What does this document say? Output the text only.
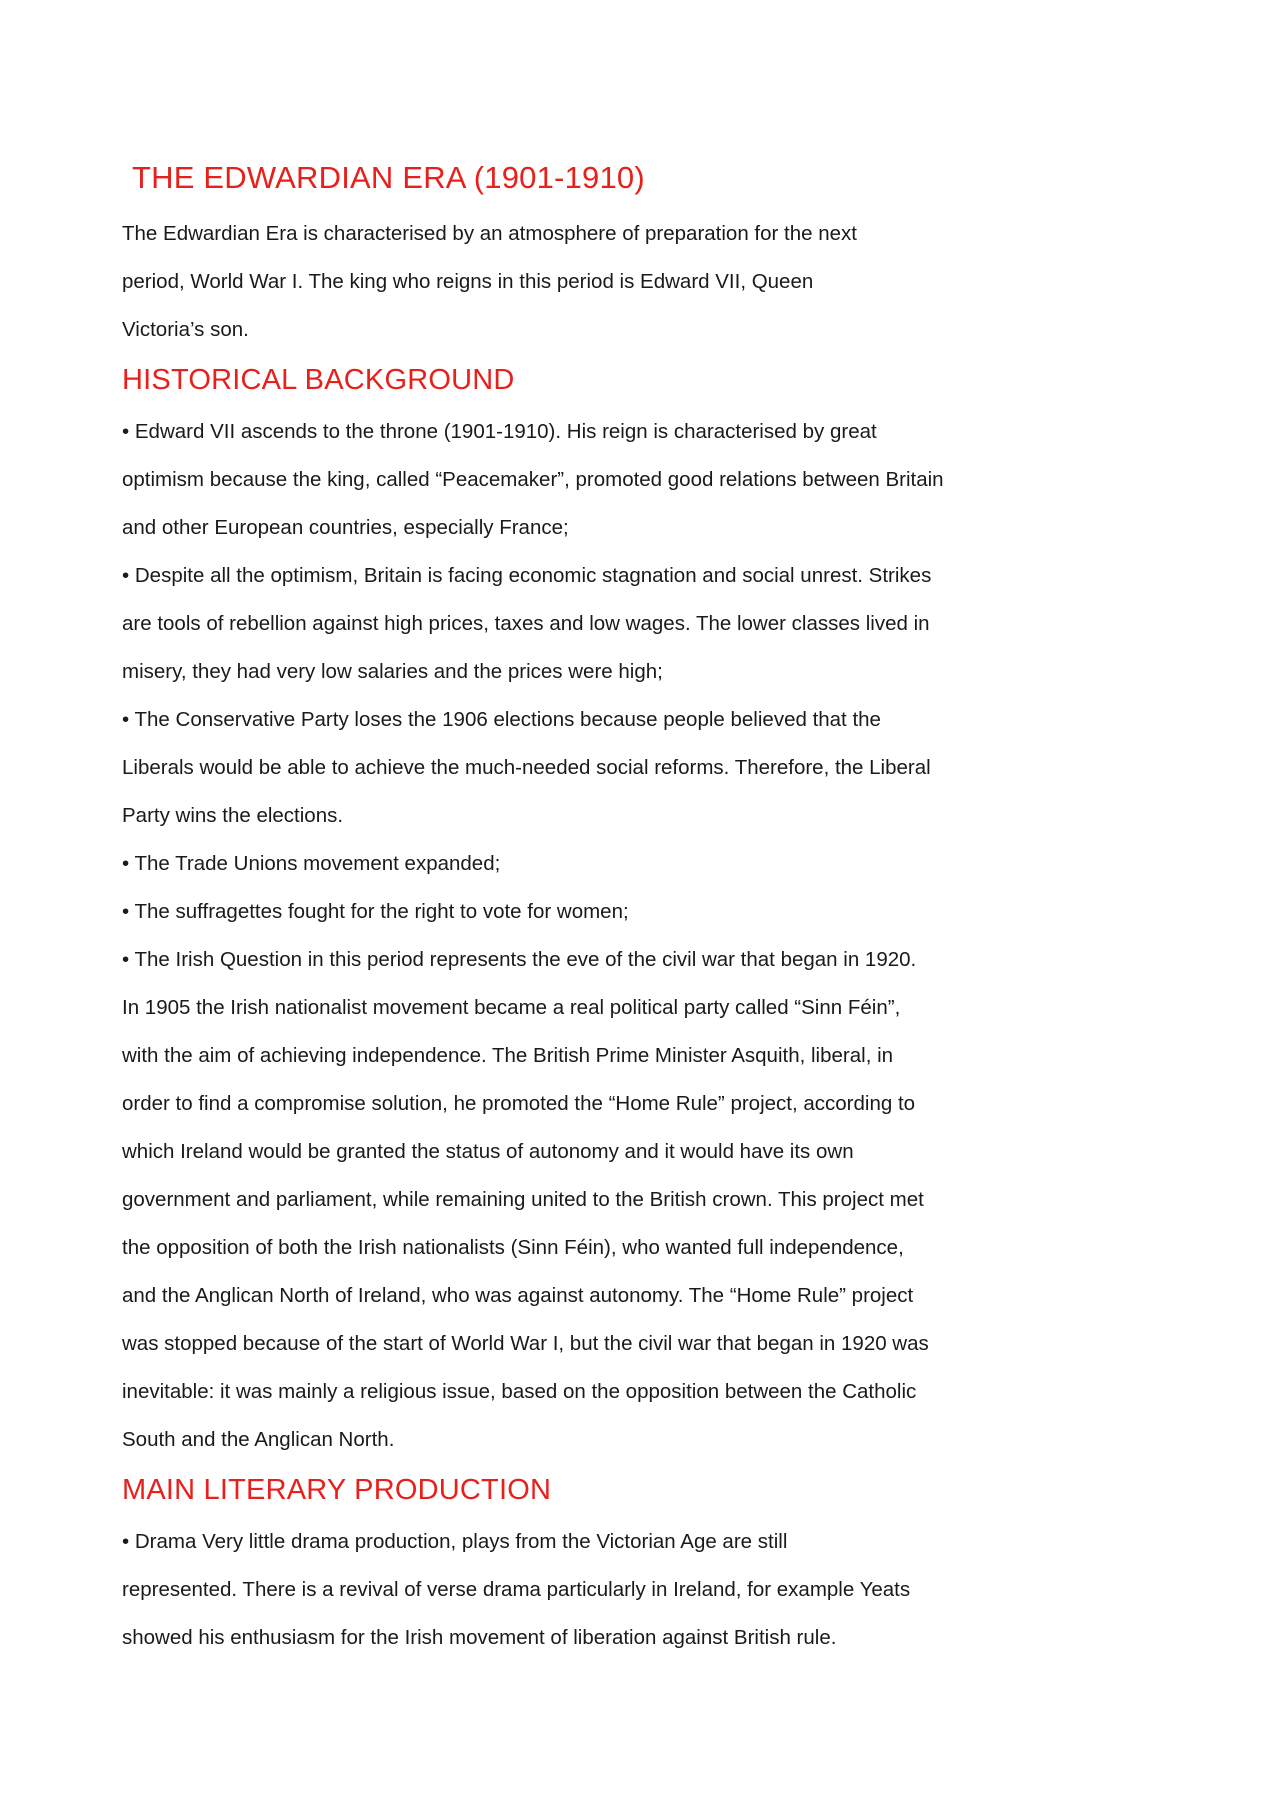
THE EDWARDIAN ERA (1901-1910)

The Edwardian Era is characterised by an atmosphere of preparation for the next
period, World War I. The king who reigns in this period is Edward VII, Queen
Victoria’s son.

HISTORICAL BACKGROUND

• Edward VII ascends to the throne (1901-1910). His reign is characterised by great
optimism because the king, called “Peacemaker”, promoted good relations between Britain
and other European countries, especially France;
• Despite all the optimism, Britain is facing economic stagnation and social unrest. Strikes
are tools of rebellion against high prices, taxes and low wages. The lower classes lived in
misery, they had very low salaries and the prices were high;
• The Conservative Party loses the 1906 elections because people believed that the
Liberals would be able to achieve the much-needed social reforms. Therefore, the Liberal
Party wins the elections.
• The Trade Unions movement expanded;
• The suffragettes fought for the right to vote for women;
• The Irish Question in this period represents the eve of the civil war that began in 1920.
In 1905 the Irish nationalist movement became a real political party called “Sinn Féin”,
with the aim of achieving independence. The British Prime Minister Asquith, liberal, in
order to find a compromise solution, he promoted the “Home Rule” project, according to
which Ireland would be granted the status of autonomy and it would have its own
government and parliament, while remaining united to the British crown. This project met
the opposition of both the Irish nationalists (Sinn Féin), who wanted full independence,
and the Anglican North of Ireland, who was against autonomy. The “Home Rule” project
was stopped because of the start of World War I, but the civil war that began in 1920 was
inevitable: it was mainly a religious issue, based on the opposition between the Catholic
South and the Anglican North.

MAIN LITERARY PRODUCTION

• Drama Very little drama production, plays from the Victorian Age are still
represented. There is a revival of verse drama particularly in Ireland, for example Yeats
showed his enthusiasm for the Irish movement of liberation against British rule.
